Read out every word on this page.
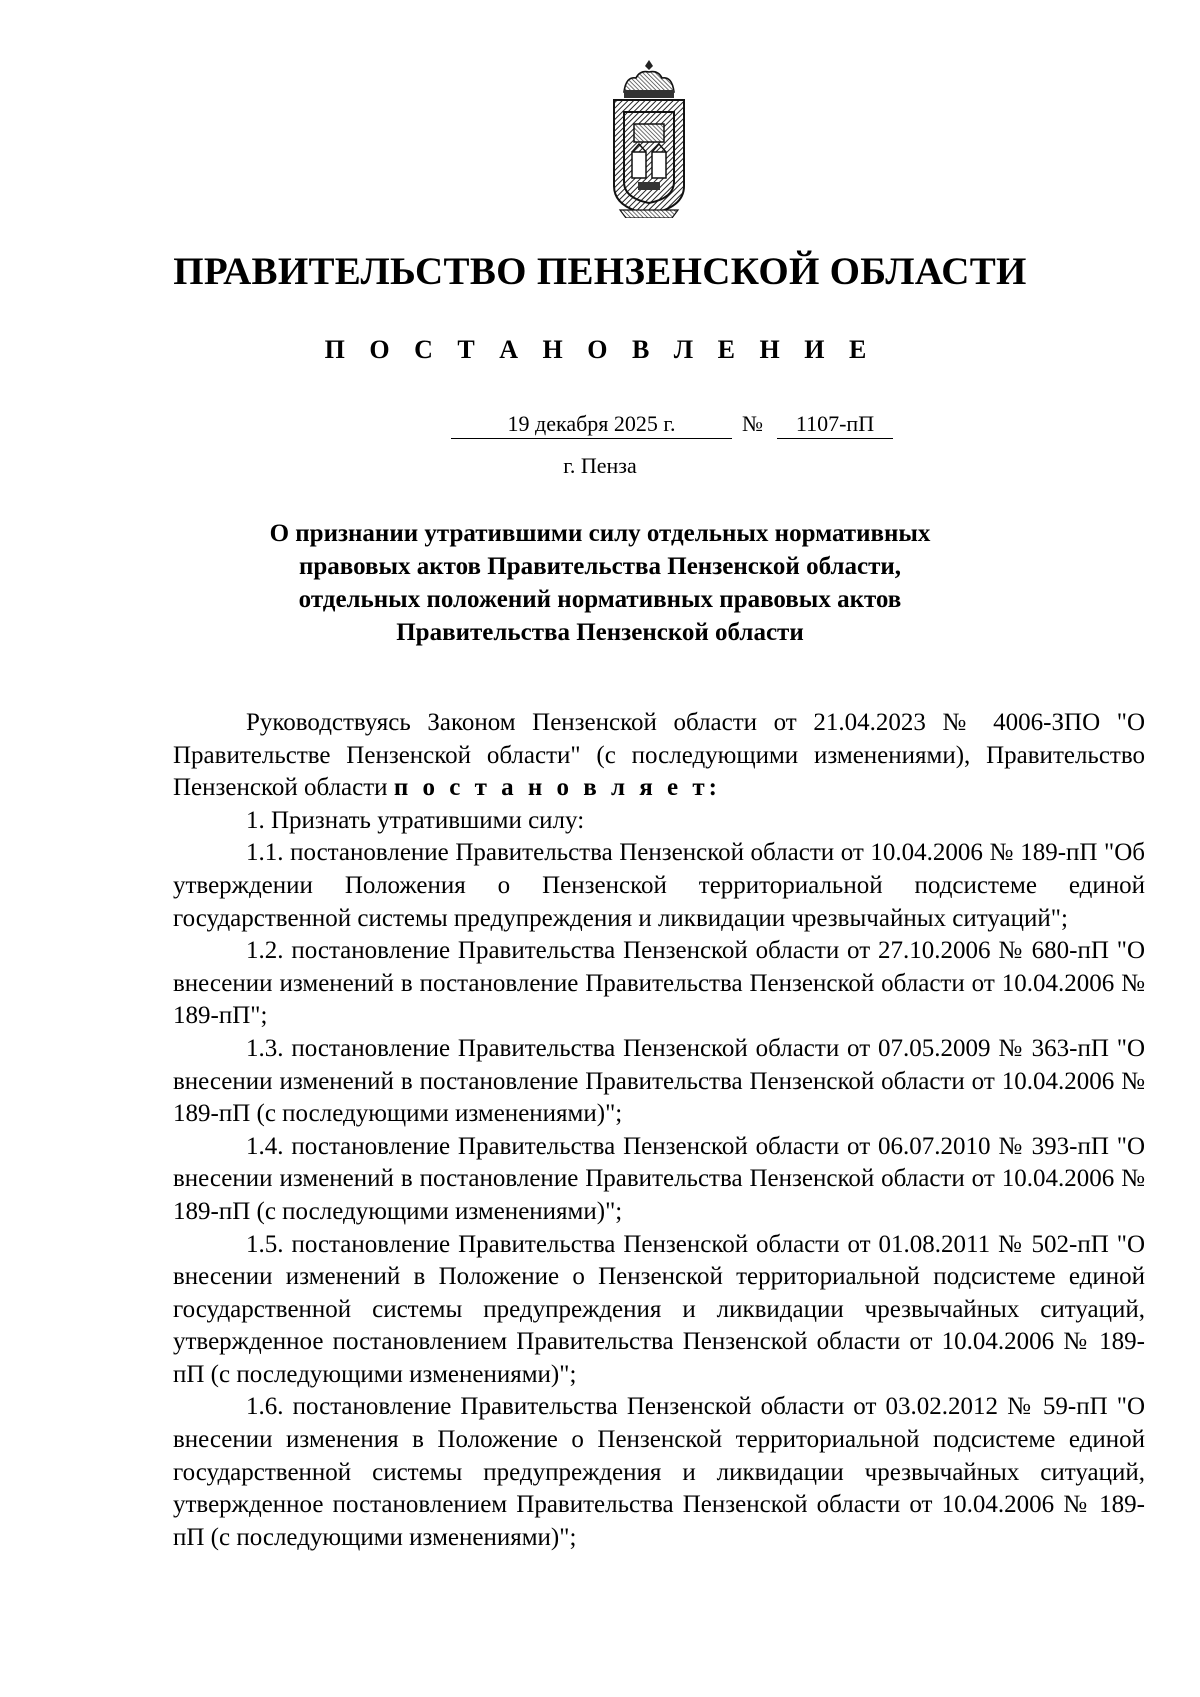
ПРАВИТЕЛЬСТВО ПЕНЗЕНСКОЙ ОБЛАСТИ
П О С Т А Н О В Л Е Н И Е
19 декабря 2025 г.	№	1107-пП
г. Пенза
О признании утратившими силу отдельных нормативных
правовых актов Правительства Пензенской области,
отдельных положений нормативных правовых актов
Правительства Пензенской области

Руководствуясь Законом Пензенской области от 21.04.2023 № 4006-ЗПО "О Правительстве Пензенской области" (с последующими изменениями), Правительство Пензенской области п о с т а н о в л я е т:

1. Признать утратившими силу:

1.1. постановление Правительства Пензенской области от 10.04.2006 № 189-пП "Об утверждении Положения о Пензенской территориальной подсистеме единой государственной системы предупреждения и ликвидации чрезвычайных ситуаций";

1.2. постановление Правительства Пензенской области от 27.10.2006 № 680-пП "О внесении изменений в постановление Правительства Пензенской области от 10.04.2006 № 189-пП";

1.3. постановление Правительства Пензенской области от 07.05.2009 № 363-пП "О внесении изменений в постановление Правительства Пензенской области от 10.04.2006 № 189-пП (с последующими изменениями)";

1.4. постановление Правительства Пензенской области от 06.07.2010 № 393-пП "О внесении изменений в постановление Правительства Пензенской области от 10.04.2006 № 189-пП (с последующими изменениями)";

1.5. постановление Правительства Пензенской области от 01.08.2011 № 502-пП "О внесении изменений в Положение о Пензенской территориальной подсистеме единой государственной системы предупреждения и ликвидации чрезвычайных ситуаций, утвержденное постановлением Правительства Пензенской области от 10.04.2006 № 189-пП (с последующими изменениями)";

1.6. постановление Правительства Пензенской области от 03.02.2012 № 59-пП "О внесении изменения в Положение о Пензенской территориальной подсистеме единой государственной системы предупреждения и ликвидации чрезвычайных ситуаций, утвержденное постановлением Правительства Пензенской области от 10.04.2006 № 189-пП (с последующими изменениями)";
